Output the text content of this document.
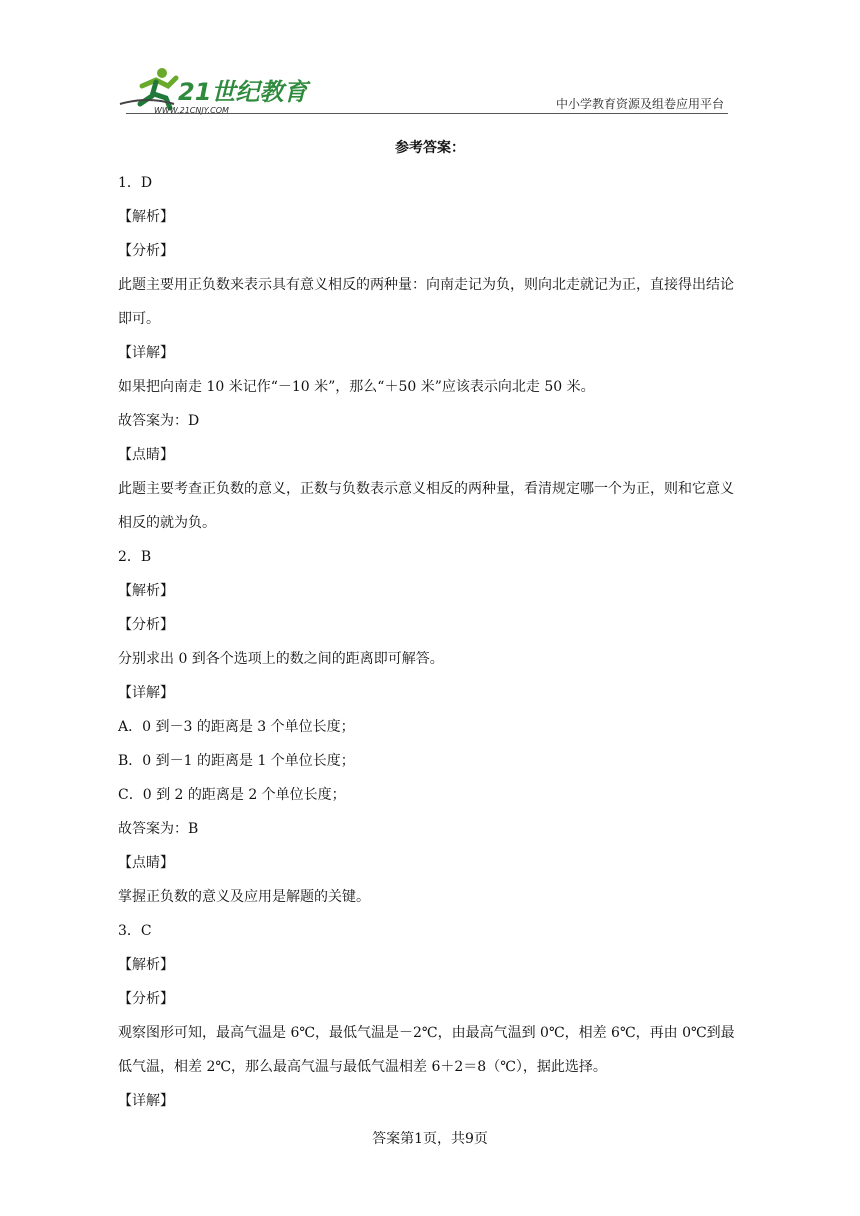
21世纪教育
WWW.21CNJY.COM	中小学教育资源及组卷应用平台
参考答案：
1．D
【解析】
【分析】
此题主要用正负数来表示具有意义相反的两种量：向南走记为负，则向北走就记为正，直接得出结论即可。
【详解】
如果把向南走 10 米记作“－10 米”，那么“＋50 米”应该表示向北走 50 米。
故答案为：D
【点睛】
此题主要考查正负数的意义，正数与负数表示意义相反的两种量，看清规定哪一个为正，则和它意义相反的就为负。
2．B
【解析】
【分析】
分别求出 0 到各个选项上的数之间的距离即可解答。
【详解】
A．0 到－3 的距离是 3 个单位长度；
B．0 到－1 的距离是 1 个单位长度；
C．0 到 2 的距离是 2 个单位长度；
故答案为：B
【点睛】
掌握正负数的意义及应用是解题的关键。
3．C
【解析】
【分析】
观察图形可知，最高气温是 6℃，最低气温是－2℃，由最高气温到 0℃，相差 6℃，再由 0℃到最低气温，相差 2℃，那么最高气温与最低气温相差 6＋2＝8（℃），据此选择。
【详解】
答案第1页，共9页
